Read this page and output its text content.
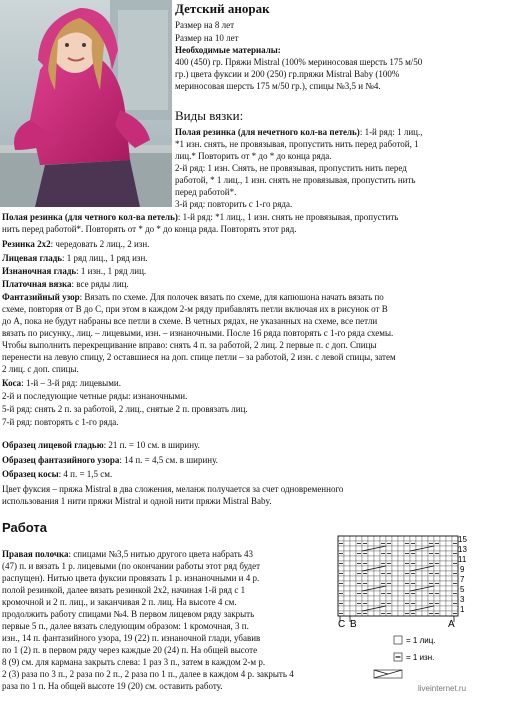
Детский анорак

Размер на 8 лет

Размер на 10 лет

Необходимые материалы:

400 (450) гр. Пряжи Mistral (100% мериносовая шерсть 175 м/50

гр.) цвета фуксии и 200 (250) гр.пряжи Mistral Baby (100%

мериносовая шерсть 175 м/50 гр.), спицы №3,5 и №4.

Виды вязки:

Полая резинка (для нечетного кол-ва петель): 1-й ряд: 1 лиц.,

*1 изн. снять, не провязывая, пропустить нить перед работой, 1

лиц.* Повторить от * до * до конца ряда.

2-й ряд: 1 изн. Снять, не провязывая, пропустить нить перед

работой, * 1 лиц., 1 изн. снять не провязывая, пропустить нить

перед работой*.

3-й ряд: повторить с 1-го ряда.

Полая резинка (для четного кол-ва петель): 1-й ряд: *1 лиц., 1 изн. снять не провязывая, пропустить

нить перед работой*. Повторять от * до * до конца ряда. Повторять этот ряд.

Резинка 2х2: чередовать 2 лиц., 2 изн.

Лицевая гладь: 1 ряд лиц., 1 ряд изн.

Изнаночная гладь: 1 изн., 1 ряд лиц.

Платочная вязка: все ряды лиц.

Фантазийный узор: Вязать по схеме. Для полочек вязать по схеме, для капюшона начать вязать по

схеме, повторяя от В до С, при этом в каждом 2-м ряду прибавлять петли включая их в рисунок от В

до А, пока не будут набраны все петли в схеме. В четных рядах, не указанных на схеме, все петли

вязать по рисунку., лиц. – лицевыми, изн. – изнаночными. После 16 ряда повторять с 1-го ряда схемы.

Чтобы выполнить перекрещивание вправо: снять 4 п. за работой, 2 лиц. 2 первые п. с доп. Спицы

перенести на левую спицу, 2 оставшиеся на доп. спице петли – за работой, 2 изн. с левой спицы, затем

2 лиц. с доп. спицы.

Коса: 1-й – 3-й ряд: лицевыми.

2-й и последующие четные ряды: изнаночными.

5-й ряд: снять 2 п. за работой, 2 лиц., снятые 2 п. провязать лиц.

7-й ряд: повторять с 1-го ряда.

Образец лицевой гладью: 21 п. = 10 см. в ширину.

Образец фантазийного узора: 14 п. = 4,5 см. в ширину.

Образец косы: 4 п. = 1,5 см.

Цвет фуксия – пряжа Mistral в два сложения, меланж получается за счет одновременного

использования 1 нити пряжи Mistral и одной нити пряжи Mistral Baby.

Работа

Правая полочка: спицами №3,5 нитью другого цвета набрать 43

(47) п. и вязать 1 р. лицевыми (по окончании работы этот ряд будет

распущен). Нитью цвета фуксии провязать 1 р. изнаночными и 4 р.

полой резинкой, далее вязать резинкой 2х2, начиная 1-й ряд с 1

кромочной и 2 п. лиц., и заканчивая 2 п. лиц. На высоте 4 см.

продолжить работу спицами №4. В первом лицевом ряду закрыть

первые 5 п., далее вязать следующим образом: 1 кромочная, 3 п.

изн., 14 п. фантазийного узора, 19 (22) п. изнаночной глади, убавив

по 1 (2) п. в первом ряду через каждые 20 (24) п. На общей высоте

8 (9) см. для кармана закрыть слева: 1 раз 3 п., затем в каждом 2-м р.

2 (3) раза по 3 п., 2 раза по 2 п., 2 раза по 1 п., далее в каждом 4 р. закрыть 4

раза по 1 п. На общей высоте 19 (20) см. оставить работу.

15
13
11
9
7
5
3
1
С В	А
= 1 лиц.
= 1 изн.
liveinternet.ru
